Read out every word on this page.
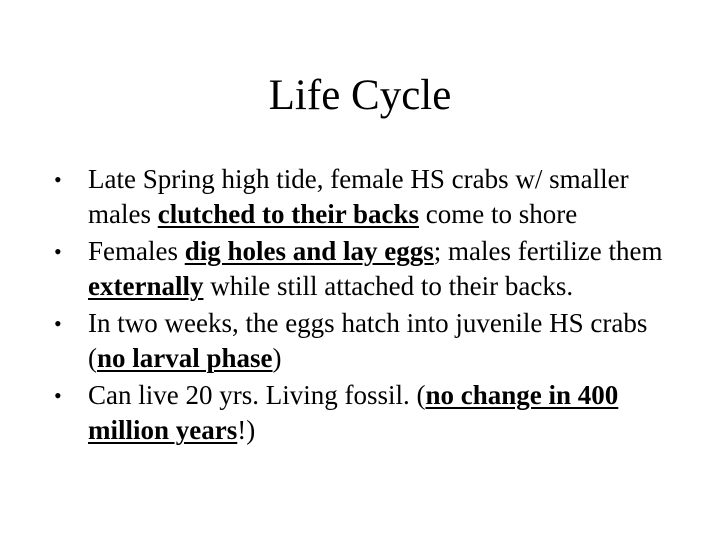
Life Cycle
• Late Spring high tide, female HS crabs w/ smaller males clutched to their backs come to shore
• Females dig holes and lay eggs; males fertilize them externally while still attached to their backs.
• In two weeks, the eggs hatch into juvenile HS crabs (no larval phase)
• Can live 20 yrs. Living fossil. (no change in 400 million years!)
